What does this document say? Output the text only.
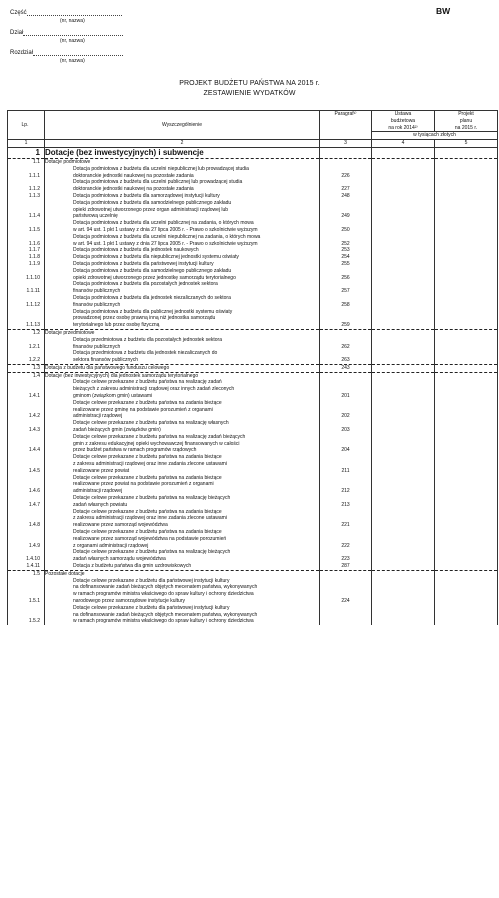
Część
(nr, nazwa)
Dział
(nr, nazwa)
Rozdział
(nr, nazwa)
BW
PROJEKT BUDŻETU PAŃSTWA NA 2015 r.
ZESTAWIENIE WYDATKÓW
Lp.	Wyszczególnienie	Paragraf¹⁾	Ustawa
budżetowa
na rok 2014²⁾	Projekt
planu
na 2015 r.
			w tysiącach złotych	
1	2	3	4	5
1	Dotacje (bez inwestycyjnych) i subwencje			
1.1	Dotacje podmiotowe			
1.1.1	Dotacja podmiotowa z budżetu dla uczelni niepublicznej lub prowadzącej studia
doktoranckie jednostki naukowej na pozostałe zadania	226		
1.1.2	Dotacja podmiotowa z budżetu dla uczelni publicznej lub prowadzącej studia
doktoranckie jednostki naukowej na pozostałe zadania	227		
1.1.3	Dotacja podmiotowa z budżetu dla samorządowej instytucji kultury	248		
1.1.4	Dotacja podmiotowa z budżetu dla samodzielnego publicznego zakładu
opieki zdrowotnej utworzonego przez organ administracji rządowej lub
państwową uczelnię	249		
1.1.5	Dotacja podmiotowa z budżetu dla uczelni publicznej na zadania, o których mowa
w art. 94 ust. 1 pkt 1 ustawy z dnia 27 lipca 2005 r. - Prawo o szkolnictwie wyższym	250		
1.1.6	Dotacja podmiotowa z budżetu dla uczelni niepublicznej na zadania, o których mowa
w art. 94 ust. 1 pkt 1 ustawy z dnia 27 lipca 2005 r. - Prawo o szkolnictwie wyższym	252		
1.1.7	Dotacja podmiotowa z budżetu dla jednostek naukowych	253		
1.1.8	Dotacja podmiotowa z budżetu dla niepublicznej jednostki systemu oświaty	254		
1.1.9	Dotacja podmiotowa z budżetu dla państwowej instytucji kultury	255		
1.1.10	Dotacja podmiotowa z budżetu dla samodzielnego publicznego zakładu
opieki zdrowotnej utworzonego przez jednostkę samorządu terytorialnego	256		
1.1.11	Dotacja podmiotowa z budżetu dla pozostałych jednostek sektora
finansów publicznych	257		
1.1.12	Dotacja podmiotowa z budżetu dla jednostek niezaliczanych do sektora
finansów publicznych	258		
1.1.13	Dotacja podmiotowa z budżetu dla publicznej jednostki systemu oświaty
prowadzonej przez osobę prawną inną niż jednostka samorządu
terytorialnego lub przez osobę fizyczną	259		
1.2	Dotacje przedmiotowe			
1.2.1	Dotacja przedmiotowa z budżetu dla pozostałych jednostek sektora
finansów publicznych	262		
1.2.2	Dotacja przedmiotowa z budżetu dla jednostek niezaliczanych do
sektora finansów publicznych	263		
1.3	Dotacja z budżetu dla państwowego funduszu celowego	243		
1.4	Dotacje (bez inwestycyjnych) dla jednostek samorządu terytorialnego			
1.4.1	Dotacje celowe przekazane z budżetu państwa na realizację zadań
bieżących z zakresu administracji rządowej oraz innych zadań zleconych
gminom (związkom gmin) ustawami	201		
1.4.2	Dotacje celowe przekazane z budżetu państwa na zadania bieżące
realizowane przez gminę na podstawie porozumień z organami
administracji rządowej	202		
1.4.3	Dotacje celowe przekazane z budżetu państwa na realizację własnych
zadań bieżących gmin (związków gmin)	203		
1.4.4	Dotacje celowe przekazane z budżetu państwa na realizację zadań bieżących
gmin z zakresu edukacyjnej opieki wychowawczej finansowanych w całości
przez budżet państwa w ramach programów rządowych	204		
1.4.5	Dotacje celowe przekazane z budżetu państwa na zadania bieżące
z zakresu administracji rządowej oraz inne zadania zlecone ustawami
realizowane przez powiat	211		
1.4.6	Dotacje celowe przekazane z budżetu państwa na zadania bieżące
realizowane przez powiat na podstawie porozumień z organami
administracji rządowej	212		
1.4.7	Dotacje celowe przekazane z budżetu państwa na realizację bieżących
zadań własnych powiatu	213		
1.4.8	Dotacje celowe przekazane z budżetu państwa na zadania bieżące
z zakresu administracji rządowej oraz inne zadania zlecone ustawami
realizowane przez samorząd województwa	221		
1.4.9	Dotacje celowe przekazane z budżetu państwa na zadania bieżące
realizowane przez samorząd województwa na podstawie porozumień
z organami administracji rządowej	222		
1.4.10	Dotacje celowe przekazane z budżetu państwa na realizację bieżących
zadań własnych samorządu województwa	223		
1.4.11	Dotacja z budżetu państwa dla gmin uzdrowiskowych	287		
1.5	Pozostałe dotacje			
1.5.1	Dotacje celowe przekazane z budżetu dla państwowej instytucji kultury
na dofinansowanie zadań bieżących objętych mecenatem państwa, wykonywanych
w ramach programów ministra właściwego do spraw kultury i ochrony dziedzictwa
narodowego przez samorządowe instytucje kultury	224		
1.5.2	Dotacje celowe przekazane z budżetu dla państwowej instytucji kultury
na dofinansowanie zadań bieżących objętych mecenatem państwa, wykonywanych
w ramach programów ministra właściwego do spraw kultury i ochrony dziedzictwa			
